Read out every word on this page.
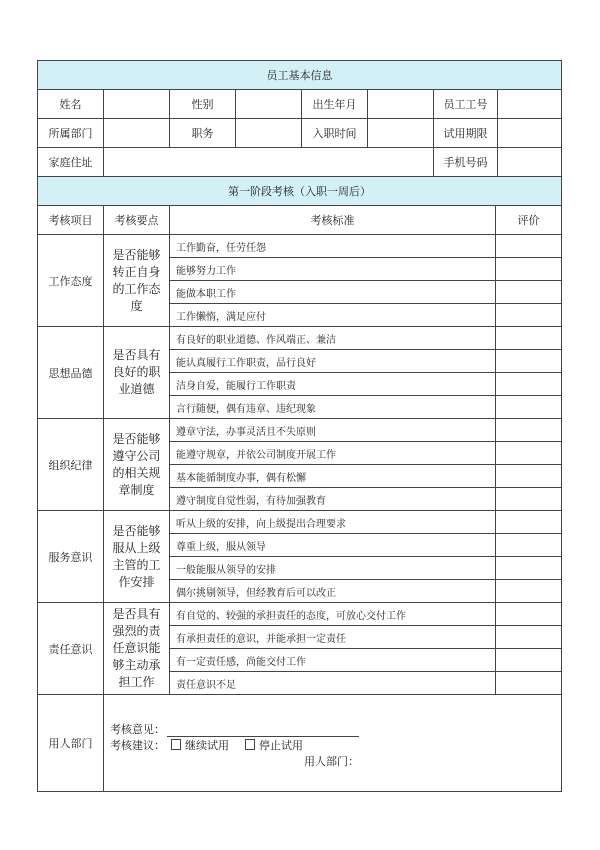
员工基本信息							
姓名		性别		出生年月		员工工号	
所属部门		职务		入职时间		试用期限	
家庭住址						手机号码	
第一阶段考核（入职一周后）			
考核项目	考核要点	考核标准	评价
工作态度	是否能够转正自身的工作态度	工作勤奋，任劳任怨	
		能够努力工作	
		能做本职工作	
		工作懒惰，满足应付	
思想品德	是否具有良好的职业道德	有良好的职业道德、作风端正、兼洁	
		能认真履行工作职责，品行良好	
		洁身自爱，能履行工作职责	
		言行随便，偶有违章、违纪现象	
组织纪律	是否能够遵守公司的相关规章制度	遵章守法，办事灵活且不失原则	
		能遵守规章，并依公司制度开展工作	
		基本能循制度办事，偶有松懈	
		遵守制度自觉性弱，有待加强教育	
服务意识	是否能够服从上级主管的工作安排	听从上级的安排，向上级提出合理要求	
		尊重上级，服从领导	
		一般能服从领导的安排	
		偶尔挑剔领导，但经教育后可以改正	
责任意识	是否具有强烈的责任意识能够主动承担工作	有自觉的、较强的承担责任的态度，可放心交付工作	
		有承担责任的意识，并能承担一定责任	
		有一定责任感，尚能交付工作	
		责任意识不足	
用人部门	考核意见：
考核建议： 继续试用 停止试用
用人部门：		
